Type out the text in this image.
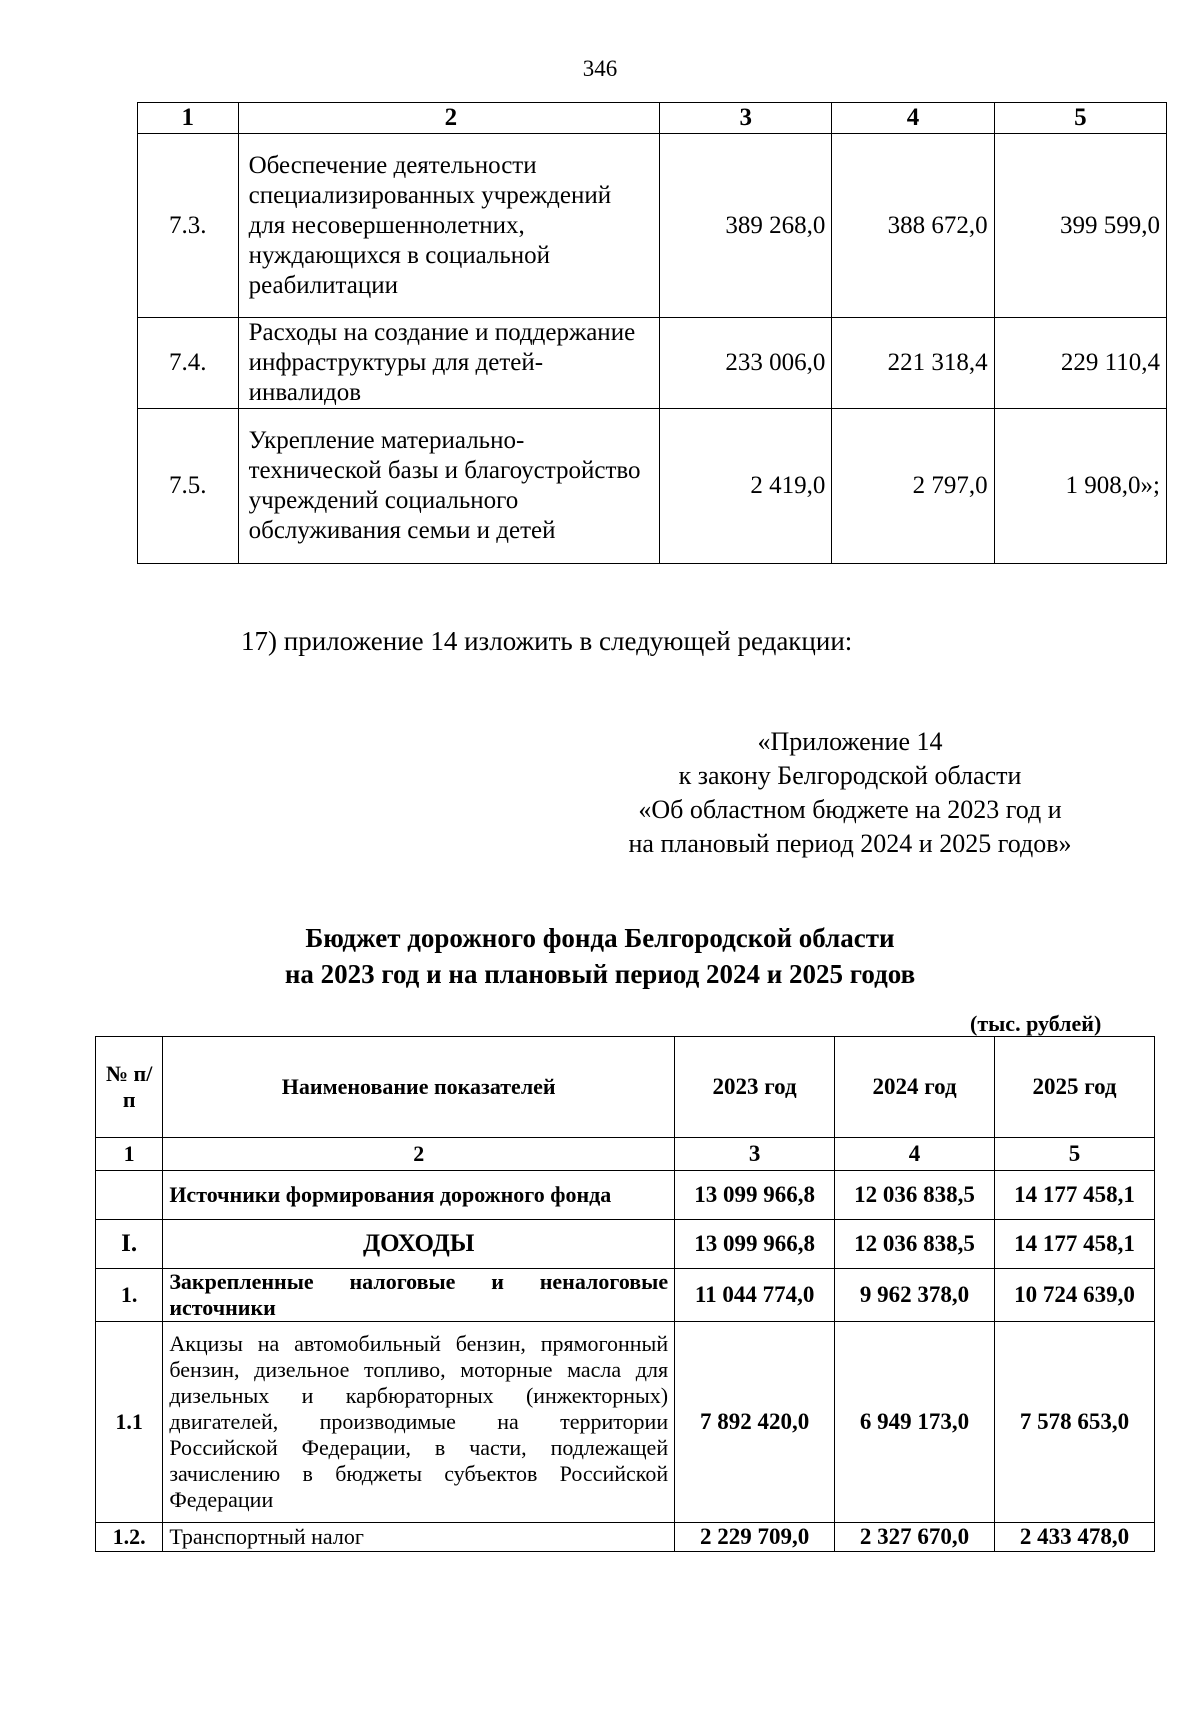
346
1	2	3	4	5
7.3.	Обеспечение деятельности специализированных учреждений для несовершеннолетних, нуждающихся в социальной реабилитации	389 268,0	388 672,0	399 599,0
7.4.	Расходы на создание и поддержание инфраструктуры для детей-инвалидов	233 006,0	221 318,4	229 110,4
7.5.	Укрепление материально-технической базы и благоустройство учреждений социального обслуживания семьи и детей	2 419,0	2 797,0	1 908,0»;
17) приложение 14 изложить в следующей редакции:
«Приложение 14
к закону Белгородской области
«Об областном бюджете на 2023 год и
на плановый период 2024 и 2025 годов»
Бюджет дорожного фонда Белгородской области
на 2023 год и на плановый период 2024 и 2025 годов
(тыс. рублей)
№ п/п	Наименование показателей	2023 год	2024 год	2025 год
1	2	3	4	5
	Источники формирования дорожного фонда	13 099 966,8	12 036 838,5	14 177 458,1
I.	ДОХОДЫ	13 099 966,8	12 036 838,5	14 177 458,1
1.	Закрепленные налоговые и неналоговые источники	11 044 774,0	9 962 378,0	10 724 639,0
1.1	Акцизы на автомобильный бензин, прямогонный бензин, дизельное топливо, моторные масла для дизельных и карбюраторных (инжекторных) двигателей, производимые на территории Российской Федерации, в части, подлежащей зачислению в бюджеты субъектов Российской Федерации	7 892 420,0	6 949 173,0	7 578 653,0
1.2.	Транспортный налог	2 229 709,0	2 327 670,0	2 433 478,0
